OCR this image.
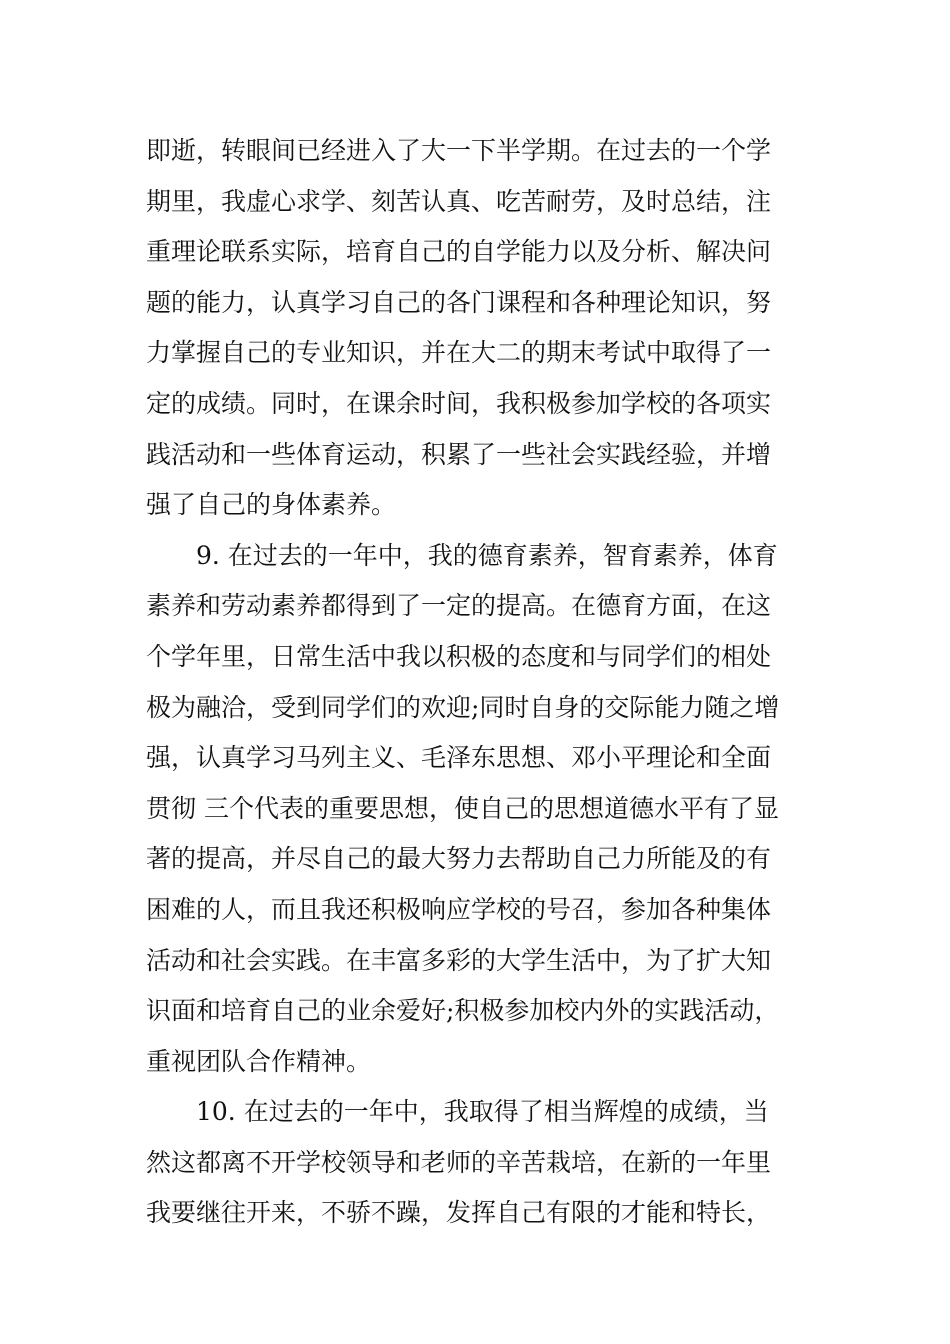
即逝，转眼间已经进入了大一下半学期。在过去的一个学
期里，我虚心求学、刻苦认真、吃苦耐劳，及时总结，注
重理论联系实际，培育自己的自学能力以及分析、解决问
题的能力，认真学习自己的各门课程和各种理论知识，努
力掌握自己的专业知识，并在大二的期末考试中取得了一
定的成绩。同时，在课余时间，我积极参加学校的各项实
践活动和一些体育运动，积累了一些社会实践经验，并增
强了自己的身体素养。
9. 在过去的一年中，我的德育素养，智育素养，体育
素养和劳动素养都得到了一定的提高。在德育方面，在这
个学年里，日常生活中我以积极的态度和与同学们的相处
极为融洽，受到同学们的欢迎;同时自身的交际能力随之增
强，认真学习马列主义、毛泽东思想、邓小平理论和全面
贯彻 三个代表的重要思想，使自己的思想道德水平有了显
著的提高，并尽自己的最大努力去帮助自己力所能及的有
困难的人，而且我还积极响应学校的号召，参加各种集体
活动和社会实践。在丰富多彩的大学生活中，为了扩大知
识面和培育自己的业余爱好;积极参加校内外的实践活动，
重视团队合作精神。
10. 在过去的一年中，我取得了相当辉煌的成绩，当
然这都离不开学校领导和老师的辛苦栽培，在新的一年里
我要继往开来，不骄不躁，发挥自己有限的才能和特长，
